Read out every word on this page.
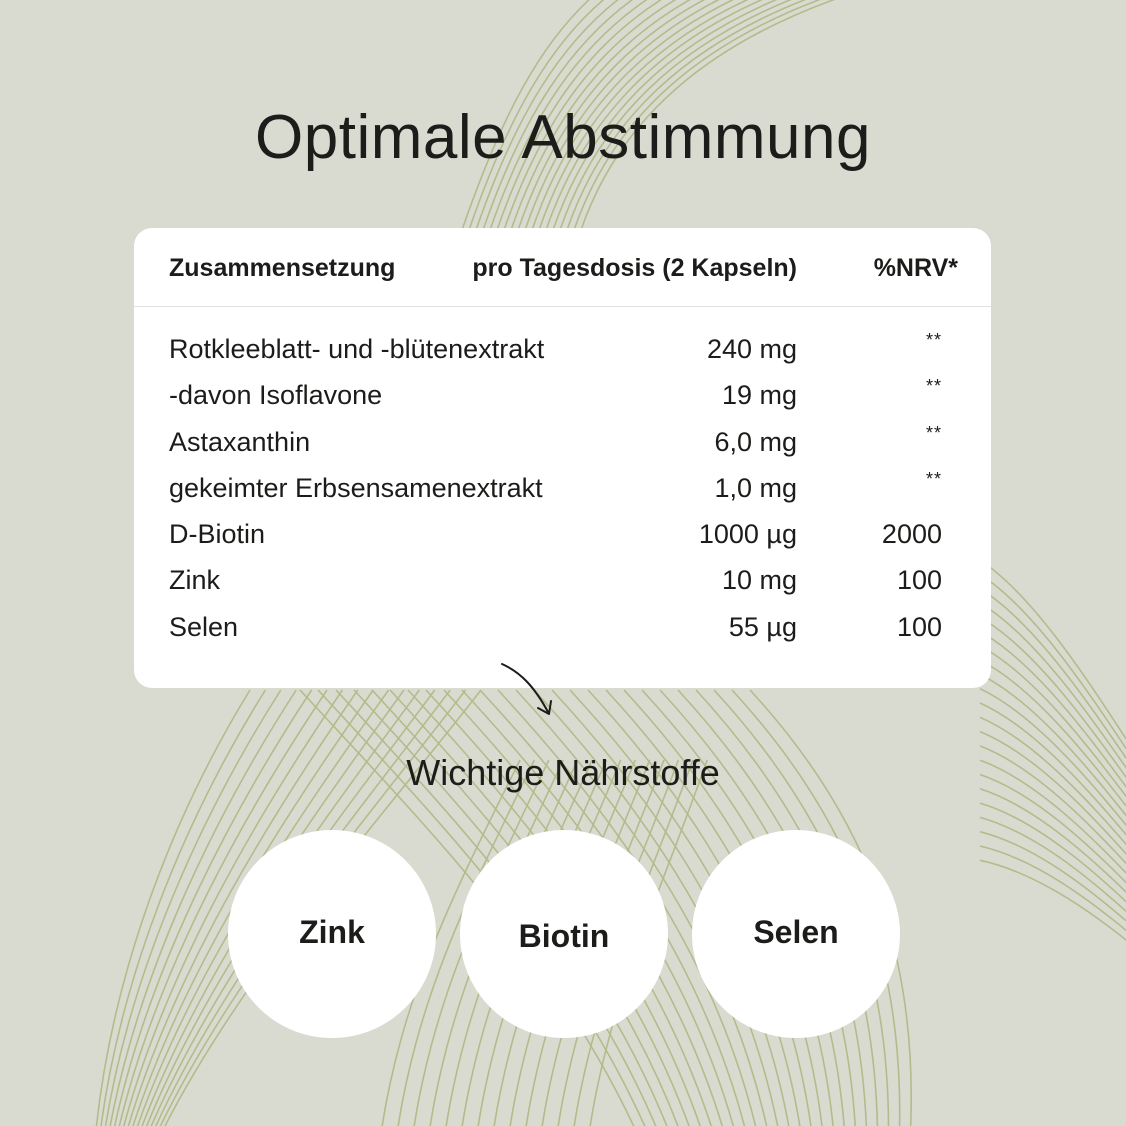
Optimale Abstimmung
Zusammensetzung	pro Tagesdosis (2 Kapseln)	%NRV*
Rotkleeblatt- und -blütenextrakt	240 mg	**
-davon Isoflavone	19 mg	**
Astaxanthin	6,0 mg	**
gekeimter Erbsensamenextrakt	1,0 mg	**
D-Biotin	1000 µg	2000
Zink	10 mg	100
Selen	55 µg	100
Wichtige Nährstoffe
Zink	Biotin	Selen
